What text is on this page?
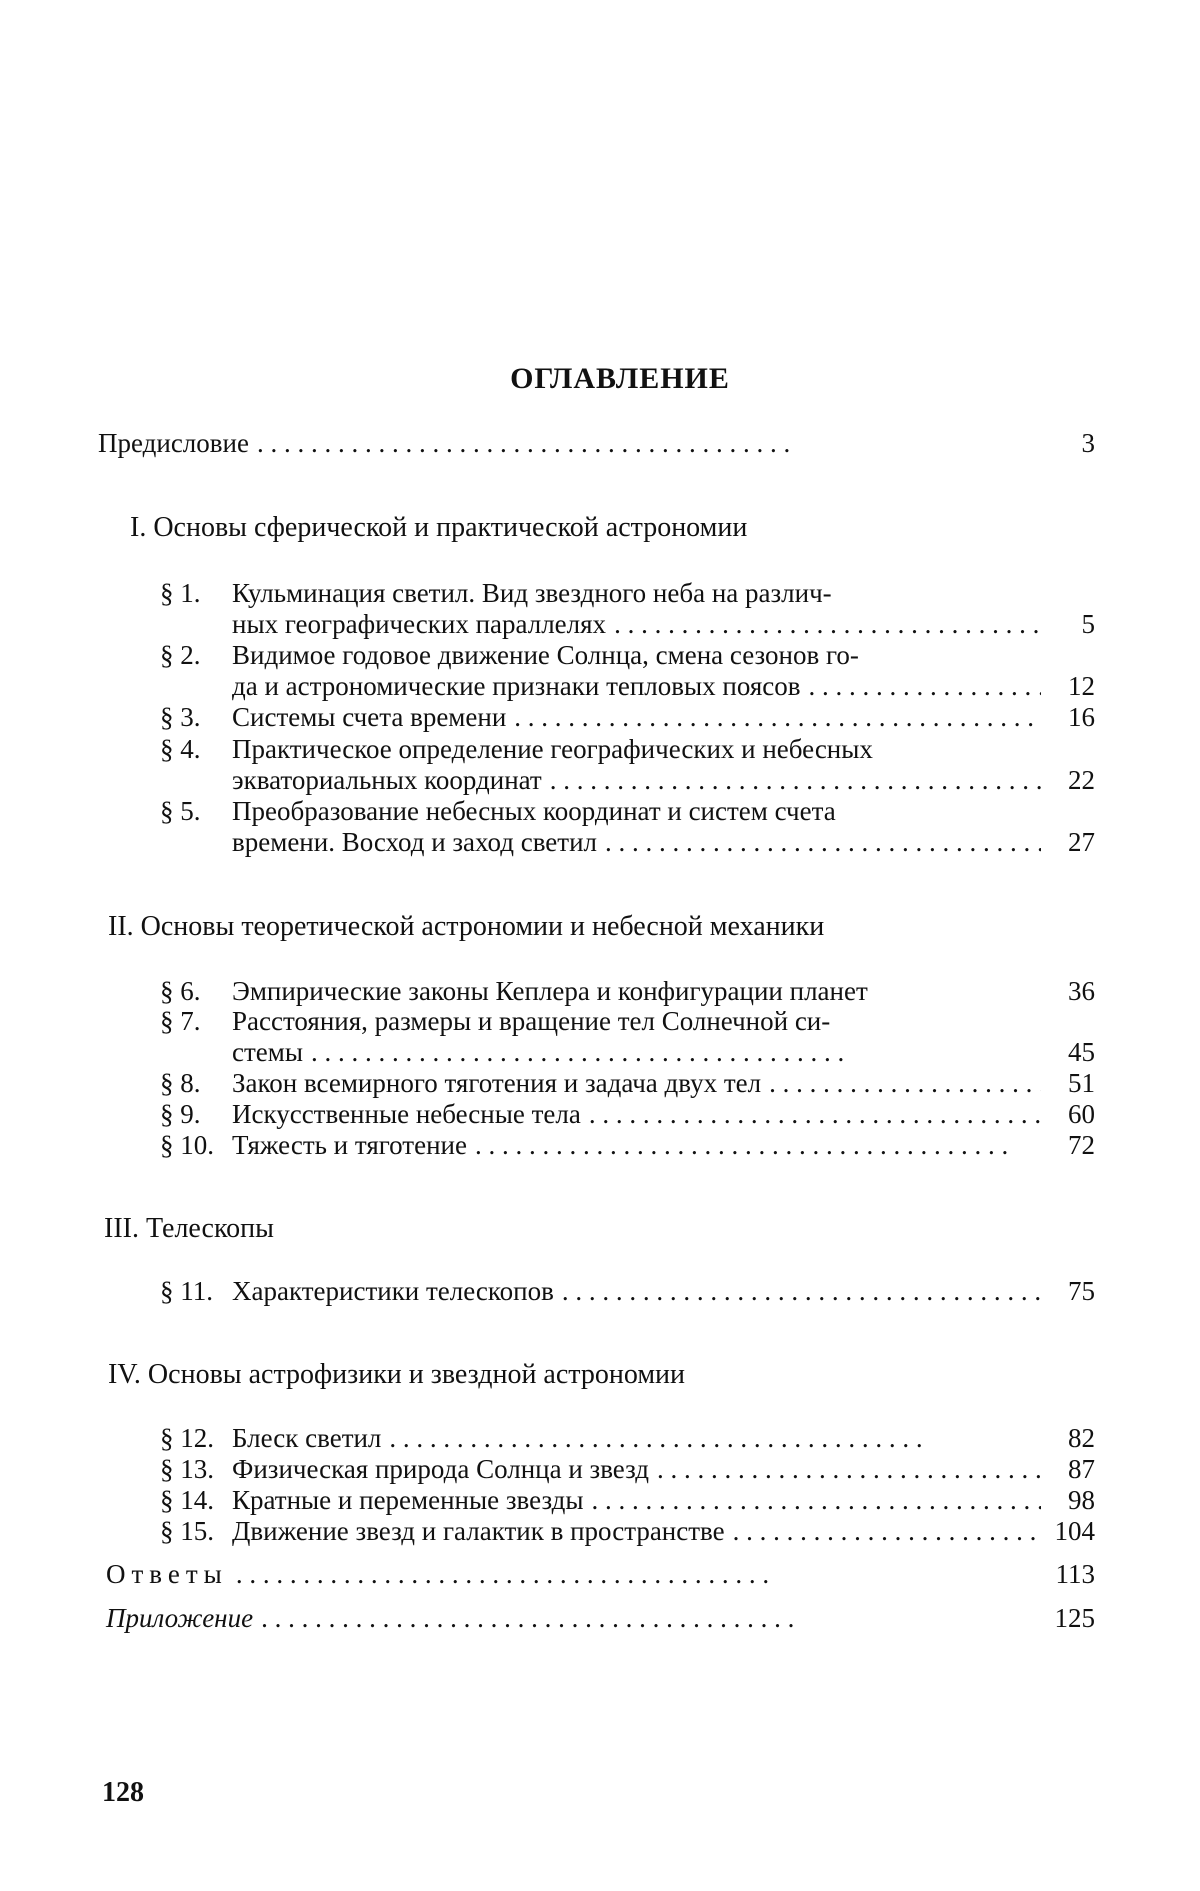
ОГЛАВЛЕНИЕ
Предисловие . .	3
I. Основы сферической и практической астрономии
§ 1.	Кульминация светил. Вид звездного неба на различ-
ных географических параллелях . .	5
§ 2.	Видимое годовое движение Солнца, смена сезонов го-
да и астрономические признаки тепловых поясов . .	12
§ 3.	Системы счета времени . .	16
§ 4.	Практическое определение географических и небесных
экваториальных координат . .	22
§ 5.	Преобразование небесных координат и систем счета
времени. Восход и заход светил . .	27
II. Основы теоретической астрономии и небесной механики
§ 6.	Эмпирические законы Кеплера и конфигурации планет	36
§ 7.	Расстояния, размеры и вращение тел Солнечной си-
стемы . .	45
§ 8.	Закон всемирного тяготения и задача двух тел . .	51
§ 9.	Искусственные небесные тела . .	60
§ 10. Тяжесть и тяготение . .	72
III. Телескопы
§ 11. Характеристики телескопов . .	75
IV. Основы астрофизики и звездной астрономии
§ 12. Блеск светил . .	82
§ 13. Физическая природа Солнца и звезд . .	87
§ 14. Кратные и переменные звезды . .	98
§ 15. Движение звезд и галактик в пространстве . .	104
Ответы . .	113
Приложение . .	125
128
